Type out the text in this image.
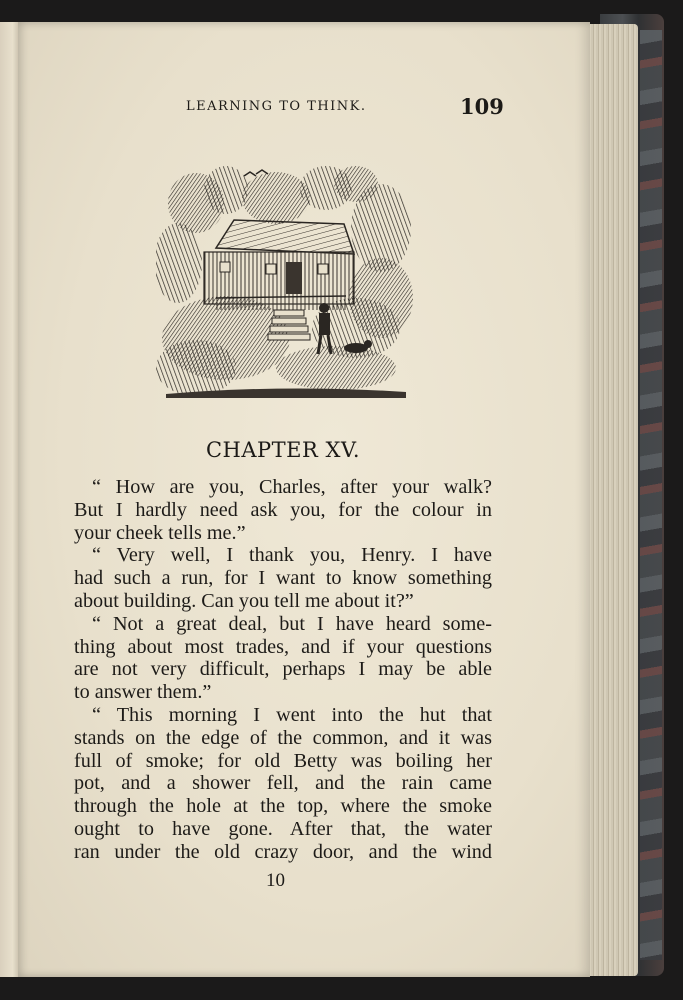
LEARNING TO THINK.	109
CHAPTER XV.
“ How are you, Charles, after your walk?
But I hardly need ask you, for the colour in
your cheek tells me.”
“ Very well, I thank you, Henry. I have
had such a run, for I want to know something
about building. Can you tell me about it?”
“ Not a great deal, but I have heard some-
thing about most trades, and if your questions
are not very difficult, perhaps I may be able
to answer them.”
“ This morning I went into the hut that
stands on the edge of the common, and it was
full of smoke; for old Betty was boiling her
pot, and a shower fell, and the rain came
through the hole at the top, where the smoke
ought to have gone. After that, the water
ran under the old crazy door, and the wind
10
